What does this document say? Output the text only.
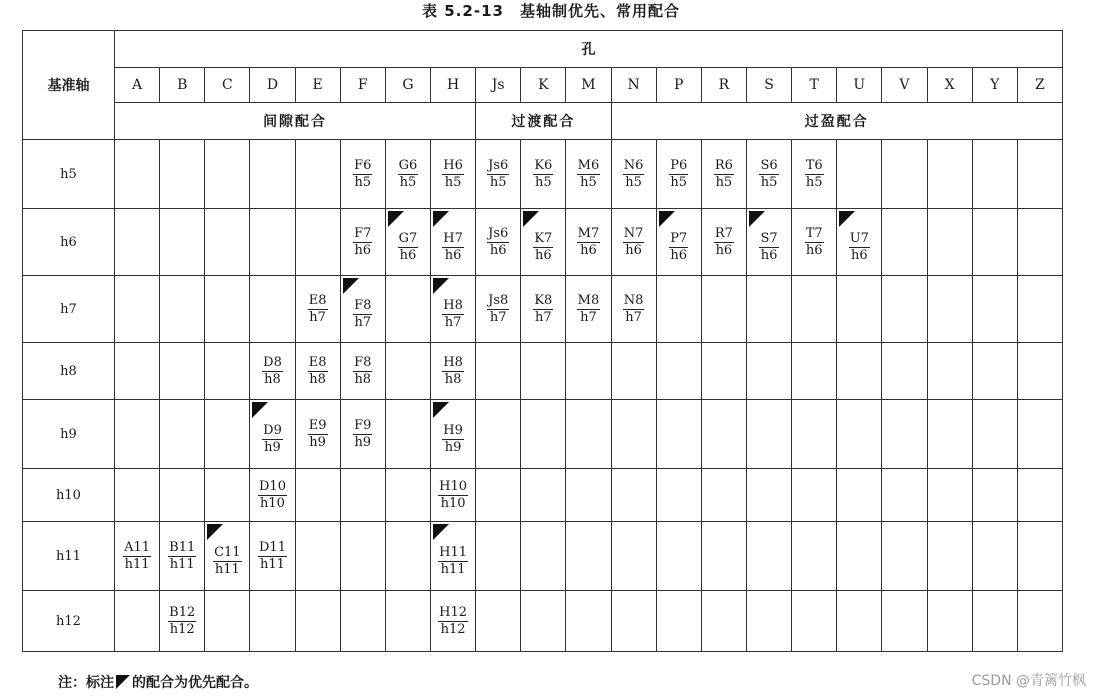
表 5.2-13　基轴制优先、常用配合
基准轴	孔																				
	A	B	C	D	E	F	G	H	Js	K	M	N	P	R	S	T	U	V	X	Y	Z
	间隙配合								过渡配合			过盈配合									
h5						$\frac{F6}{h5}$	$\frac{G6}{h5}$	$\frac{H6}{h5}$	$\frac{Js6}{h5}$	$\frac{K6}{h5}$	$\frac{M6}{h5}$	$\frac{N6}{h5}$	$\frac{P6}{h5}$	$\frac{R6}{h5}$	$\frac{S6}{h5}$	$\frac{T6}{h5}$

h6						$\frac{F7}{h6}$	$\frac{G7}{h6}$	$\frac{H7}{h6}$	$\frac{Js6}{h6}$	$\frac{K7}{h6}$	$\frac{M7}{h6}$	$\frac{N7}{h6}$	$\frac{P7}{h6}$	$\frac{R7}{h6}$	$\frac{S7}{h6}$	$\frac{T7}{h6}$	$\frac{U7}{h6}$

h7					$\frac{E8}{h7}$	$\frac{F8}{h7}$		$\frac{H8}{h7}$	$\frac{Js8}{h7}$	$\frac{K8}{h7}$	$\frac{M8}{h7}$	$\frac{N8}{h7}$

h8				$\frac{D8}{h8}$	$\frac{E8}{h8}$	$\frac{F8}{h8}$		$\frac{H8}{h8}$

h9				$\frac{D9}{h9}$	$\frac{E9}{h9}$	$\frac{F9}{h9}$		$\frac{H9}{h9}$

h10				$\frac{D10}{h10}$				$\frac{H10}{h10}$

h11	$\frac{A11}{h11}$	$\frac{B11}{h11}$	$\frac{C11}{h11}$	$\frac{D11}{h11}$				$\frac{H11}{h11}$

h12		$\frac{B12}{h12}$						$\frac{H12}{h12}$

注：标注 的配合为优先配合。	CSDN @青篱竹枫
